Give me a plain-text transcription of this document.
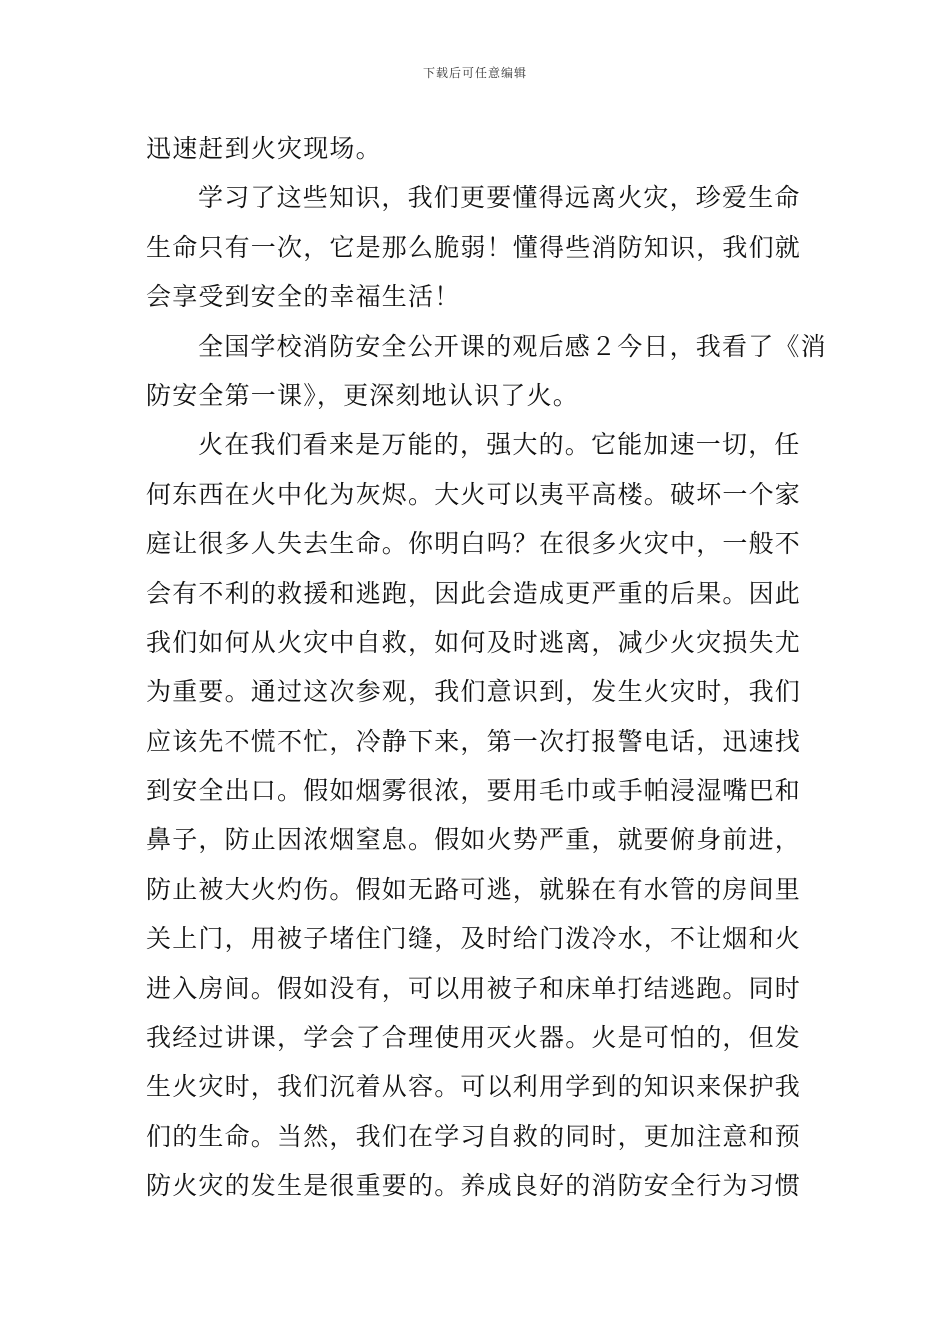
下载后可任意编辑
迅速赶到火灾现场。
学习了这些知识，我们更要懂得远离火灾，珍爱生命
生命只有一次，它是那么脆弱！懂得些消防知识，我们就
会享受到安全的幸福生活！
全国学校消防安全公开课的观后感２今日，我看了《消
防安全第一课》，更深刻地认识了火。
火在我们看来是万能的，强大的。它能加速一切，任
何东西在火中化为灰烬。大火可以夷平高楼。破坏一个家
庭让很多人失去生命。你明白吗？在很多火灾中，一般不
会有不利的救援和逃跑，因此会造成更严重的后果。因此
我们如何从火灾中自救，如何及时逃离，减少火灾损失尤
为重要。通过这次参观，我们意识到，发生火灾时，我们
应该先不慌不忙，冷静下来，第一次打报警电话，迅速找
到安全出口。假如烟雾很浓，要用毛巾或手帕浸湿嘴巴和
鼻子，防止因浓烟窒息。假如火势严重，就要俯身前进，
防止被大火灼伤。假如无路可逃，就躲在有水管的房间里
关上门，用被子堵住门缝，及时给门泼冷水，不让烟和火
进入房间。假如没有，可以用被子和床单打结逃跑。同时
我经过讲课，学会了合理使用灭火器。火是可怕的，但发
生火灾时，我们沉着从容。可以利用学到的知识来保护我
们的生命。当然，我们在学习自救的同时，更加注意和预
防火灾的发生是很重要的。养成良好的消防安全行为习惯
